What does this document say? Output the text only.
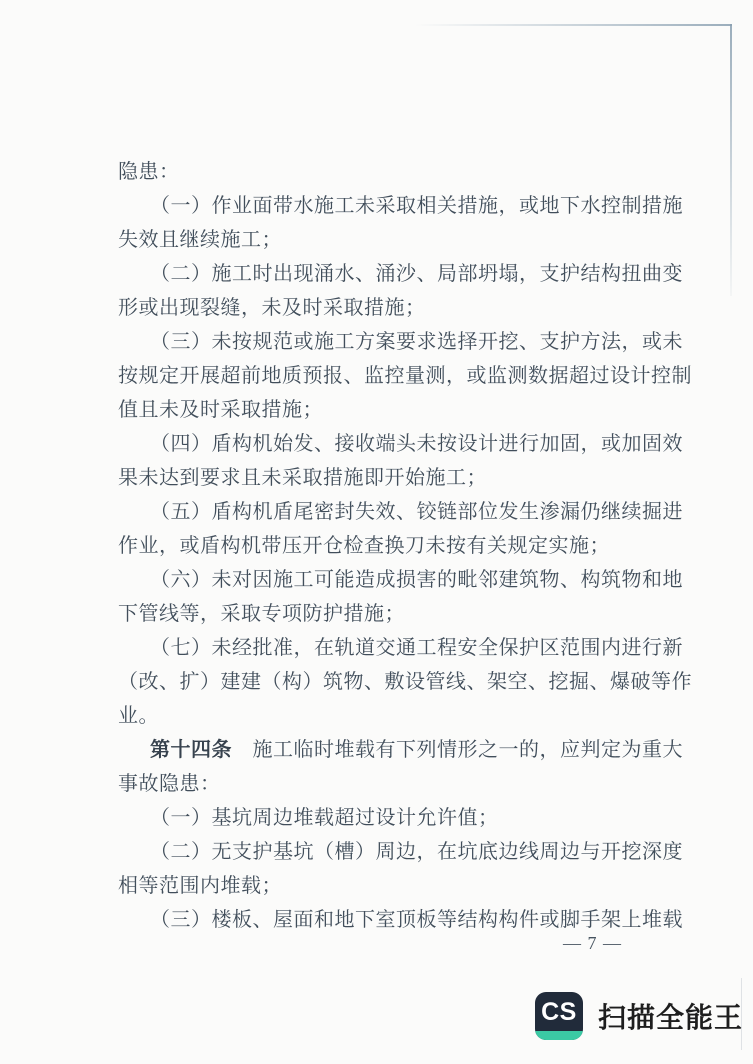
隐患：
（一）作业面带水施工未采取相关措施，或地下水控制措施
失效且继续施工；
（二）施工时出现涌水、涌沙、局部坍塌，支护结构扭曲变
形或出现裂缝，未及时采取措施；
（三）未按规范或施工方案要求选择开挖、支护方法，或未
按规定开展超前地质预报、监控量测，或监测数据超过设计控制
值且未及时采取措施；
（四）盾构机始发、接收端头未按设计进行加固，或加固效
果未达到要求且未采取措施即开始施工；
（五）盾构机盾尾密封失效、铰链部位发生渗漏仍继续掘进
作业，或盾构机带压开仓检查换刀未按有关规定实施；
（六）未对因施工可能造成损害的毗邻建筑物、构筑物和地
下管线等，采取专项防护措施；
（七）未经批准，在轨道交通工程安全保护区范围内进行新
（改、扩）建建（构）筑物、敷设管线、架空、挖掘、爆破等作
业。
第十四条　施工临时堆载有下列情形之一的，应判定为重大
事故隐患：
（一）基坑周边堆载超过设计允许值；
（二）无支护基坑（槽）周边，在坑底边线周边与开挖深度
相等范围内堆载；
（三）楼板、屋面和地下室顶板等结构构件或脚手架上堆载
— 7 —
CS 扫描全能王
